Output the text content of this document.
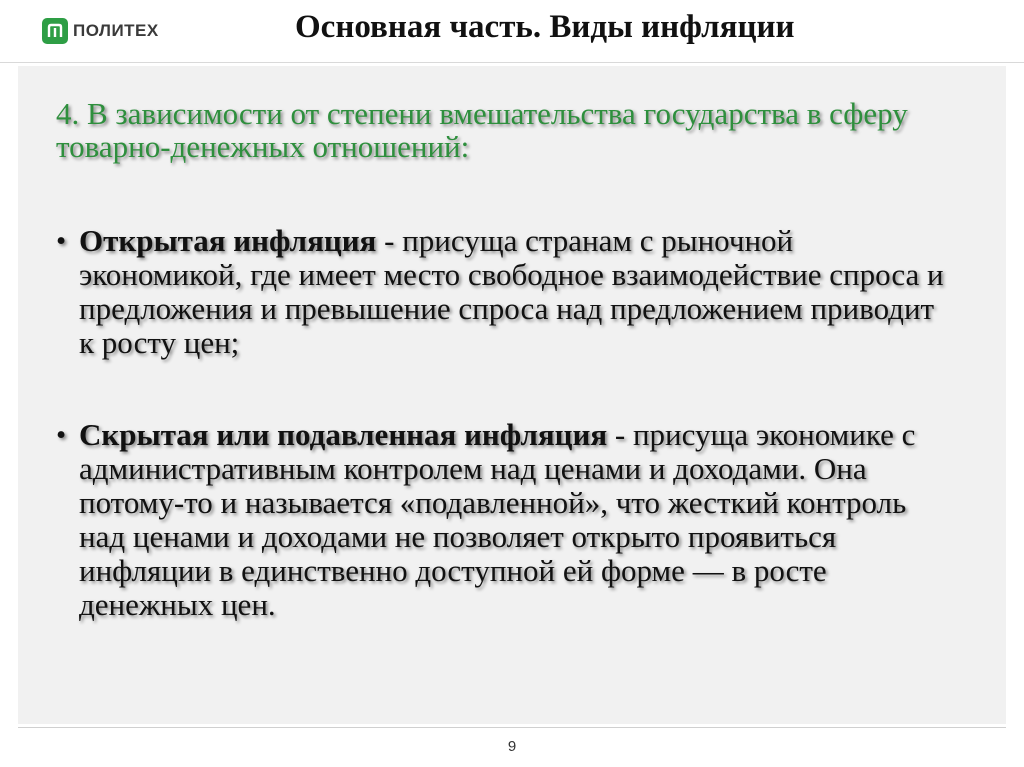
ПОЛИТЕХ	Основная часть. Виды инфляции
4. В зависимости от степени вмешательства государства в сферу товарно-денежных отношений:
• Открытая инфляция - присуща странам с рыночной экономикой, где имеет место свободное взаимодействие спроса и предложения и превышение спроса над предложением приводит к росту цен;
• Скрытая или подавленная инфляция - присуща экономике с административным контролем над ценами и доходами. Она потому-то и называется «подавленной», что жесткий контроль над ценами и доходами не позволяет открыто проявиться инфляции в единственно доступной ей форме — в росте денежных цен.
9
